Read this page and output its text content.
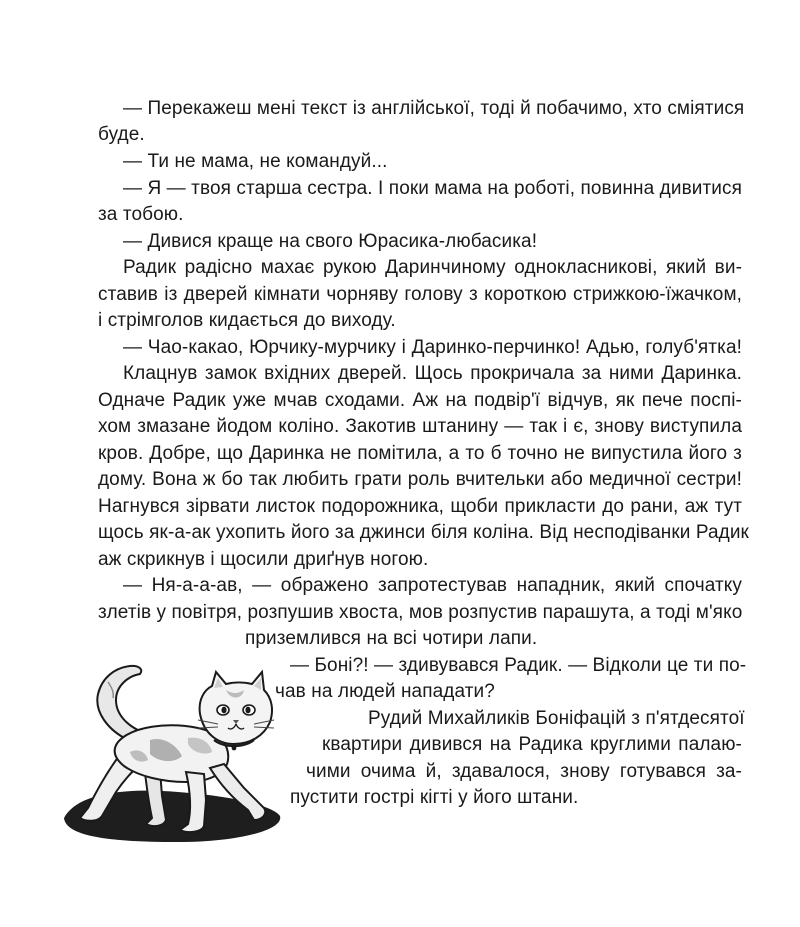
— Перекажеш мені текст із англійської, тоді й побачимо, хто сміятися
буде.
— Ти не мама, не командуй...
— Я — твоя старша сестра. І поки мама на роботі, повинна дивитися
за тобою.
— Дивися краще на свого Юрасика-любасика!
Радик радісно махає рукою Даринчиному однокласникові, який ви-
ставив із дверей кімнати чорняву голову з короткою стрижкою-їжачком,
і стрімголов кидається до виходу.
— Чао-какао, Юрчику-мурчику і Даринко-перчинко! Адью, голуб'ятка!
Клацнув замок вхідних дверей. Щось прокричала за ними Даринка.
Одначе Радик уже мчав сходами. Аж на подвір'ї відчув, як пече поспі-
хом змазане йодом коліно. Закотив штанину — так і є, знову виступила
кров. Добре, що Даринка не помітила, а то б точно не випустила його з
дому. Вона ж бо так любить грати роль вчительки або медичної сестри!
Нагнувся зірвати листок подорожника, щоби прикласти до рани, аж тут
щось як-а-ак ухопить його за джинси біля коліна. Від несподіванки Радик
аж скрикнув і щосили дриґнув ногою.
— Ня-а-а-ав, — ображено запротестував нападник, який спочатку
злетів у повітря, розпушив хвоста, мов розпустив парашута, а тоді м'яко
приземлився на всі чотири лапи.
— Боні?! — здивувався Радик. — Відколи це ти по-
чав на людей нападати?
Рудий Михайликів Боніфацій з п'ятдесятої
квартири дивився на Радика круглими палаю-
чими очима й, здавалося, знову готувався за-
пустити гострі кігті у його штани.
